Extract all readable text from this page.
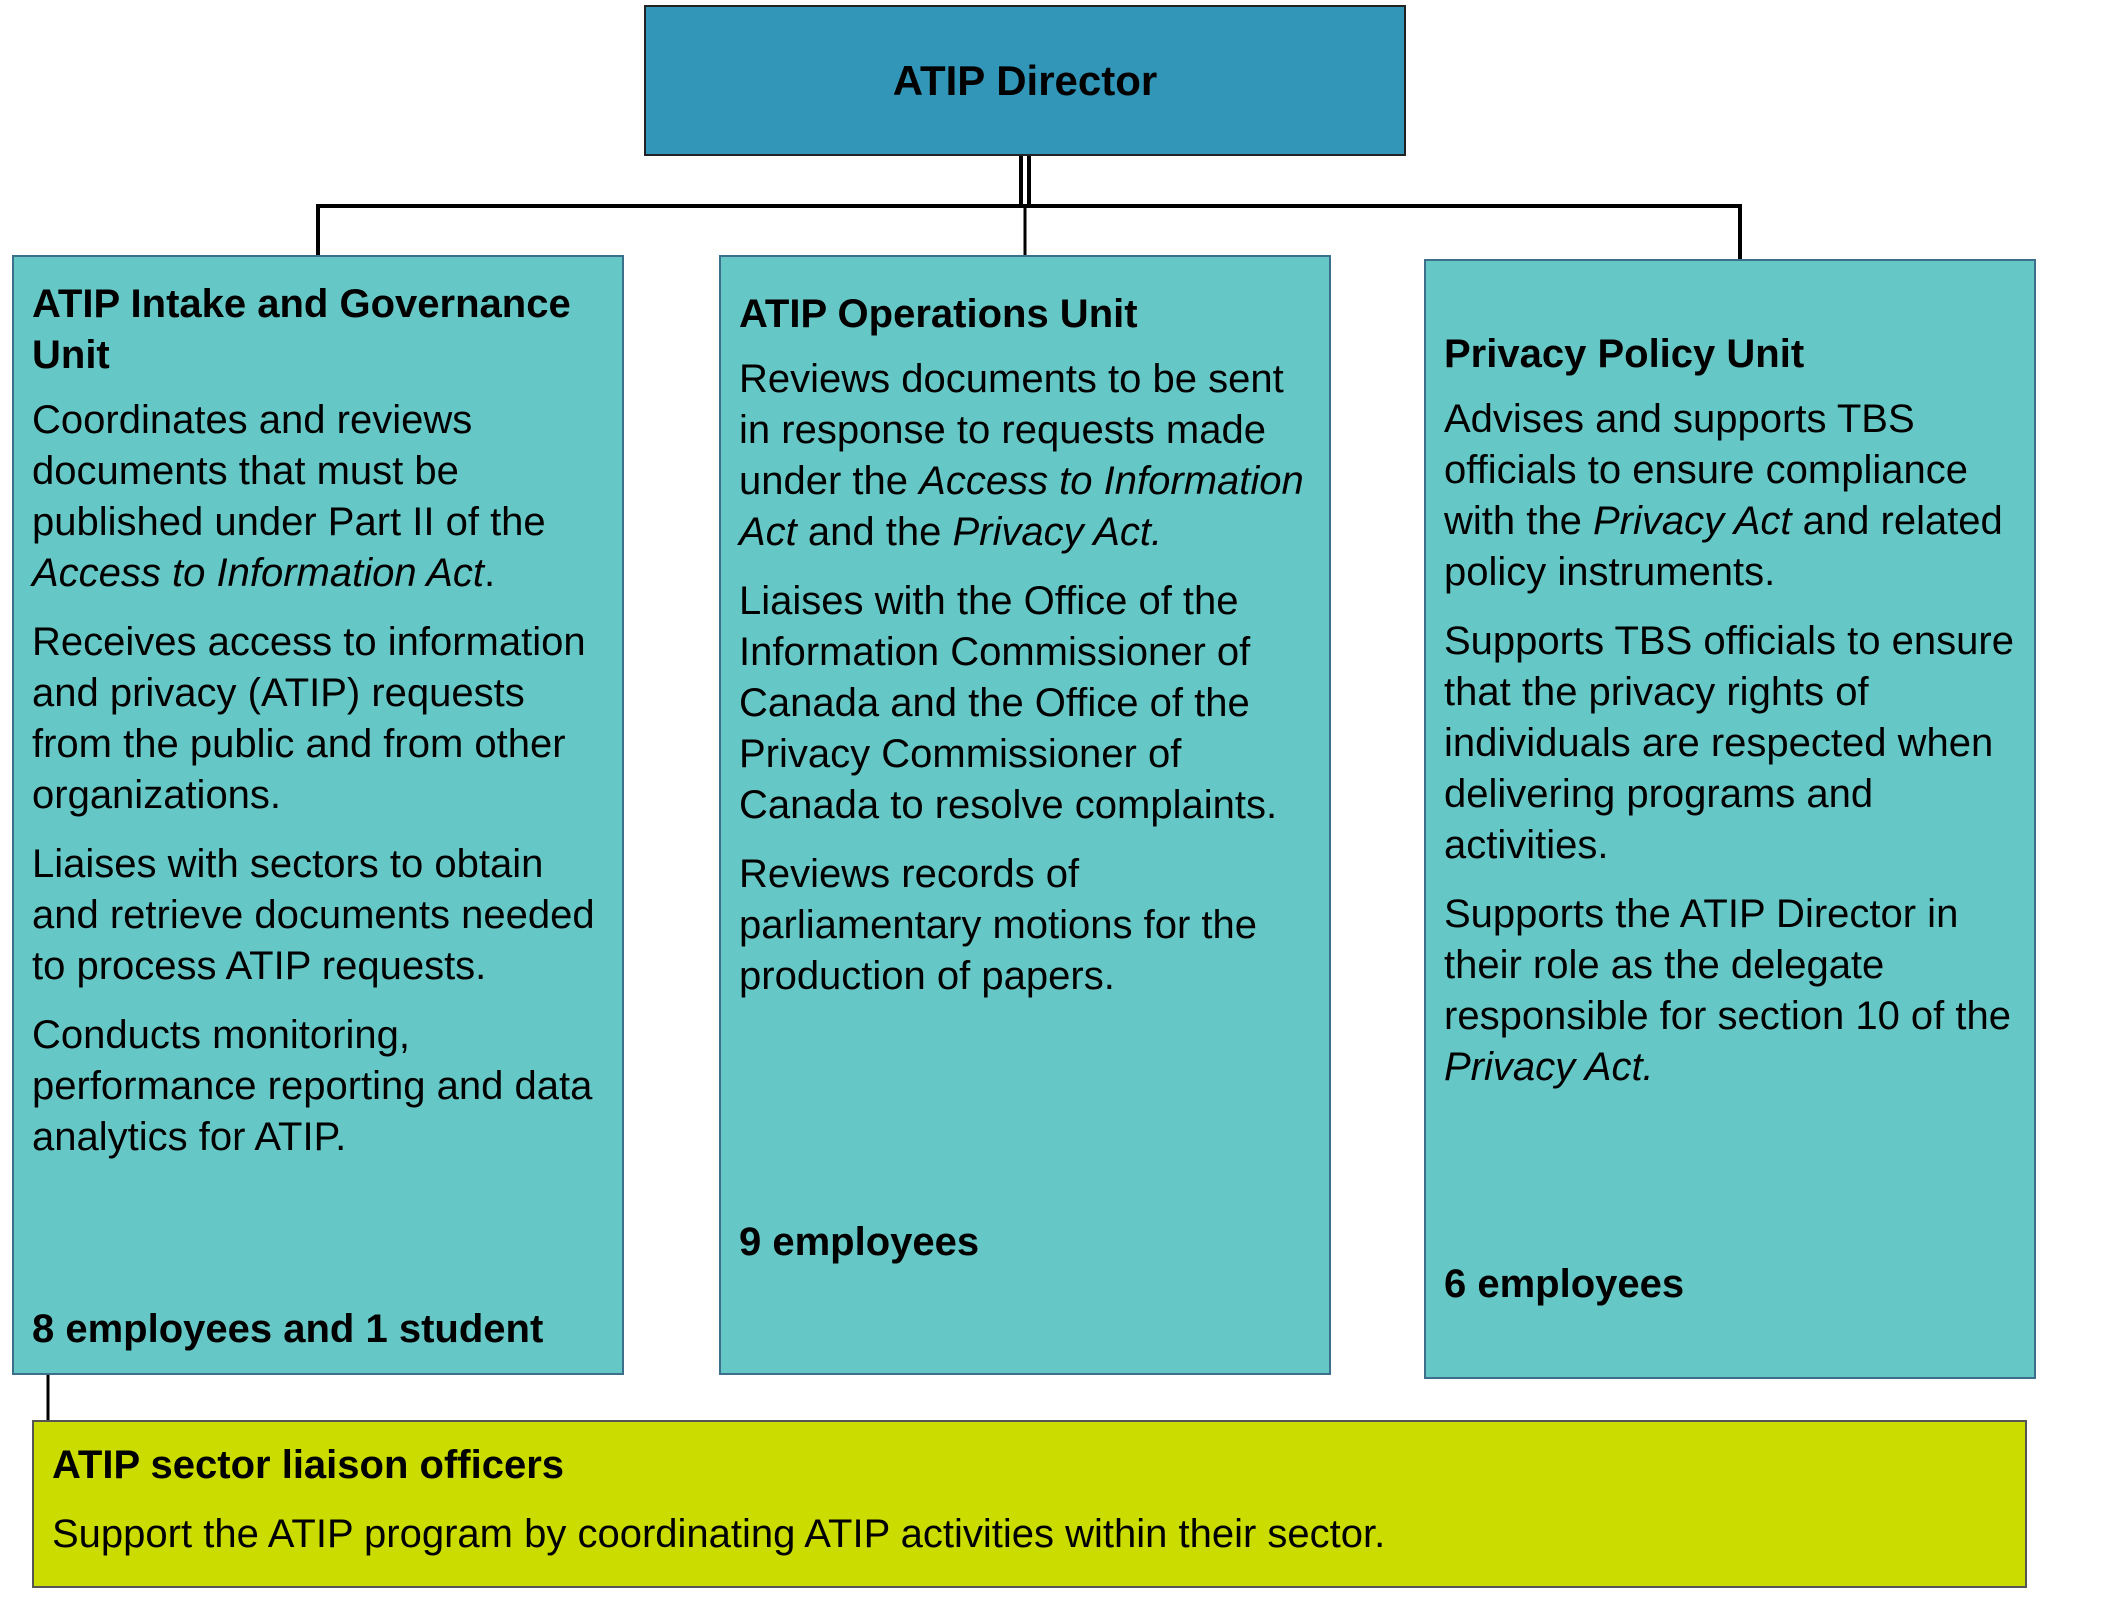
ATIP Director
ATIP Intake and Governance Unit

Coordinates and reviews documents that must be published under Part II of the Access to Information Act.

Receives access to information and privacy (ATIP) requests from the public and from other organizations.

Liaises with sectors to obtain and retrieve documents needed to process ATIP requests.

Conducts monitoring, performance reporting and data analytics for ATIP.

8 employees and 1 student
ATIP Operations Unit

Reviews documents to be sent in response to requests made under the Access to Information Act and the Privacy Act.

Liaises with the Office of the Information Commissioner of Canada and the Office of the Privacy Commissioner of Canada to resolve complaints.

Reviews records of parliamentary motions for the production of papers.

9 employees
Privacy Policy Unit

Advises and supports TBS officials to ensure compliance with the Privacy Act and related policy instruments.

Supports TBS officials to ensure that the privacy rights of individuals are respected when delivering programs and activities.

Supports the ATIP Director in their role as the delegate responsible for section 10 of the Privacy Act.

6 employees
ATIP sector liaison officers

Support the ATIP program by coordinating ATIP activities within their sector.
